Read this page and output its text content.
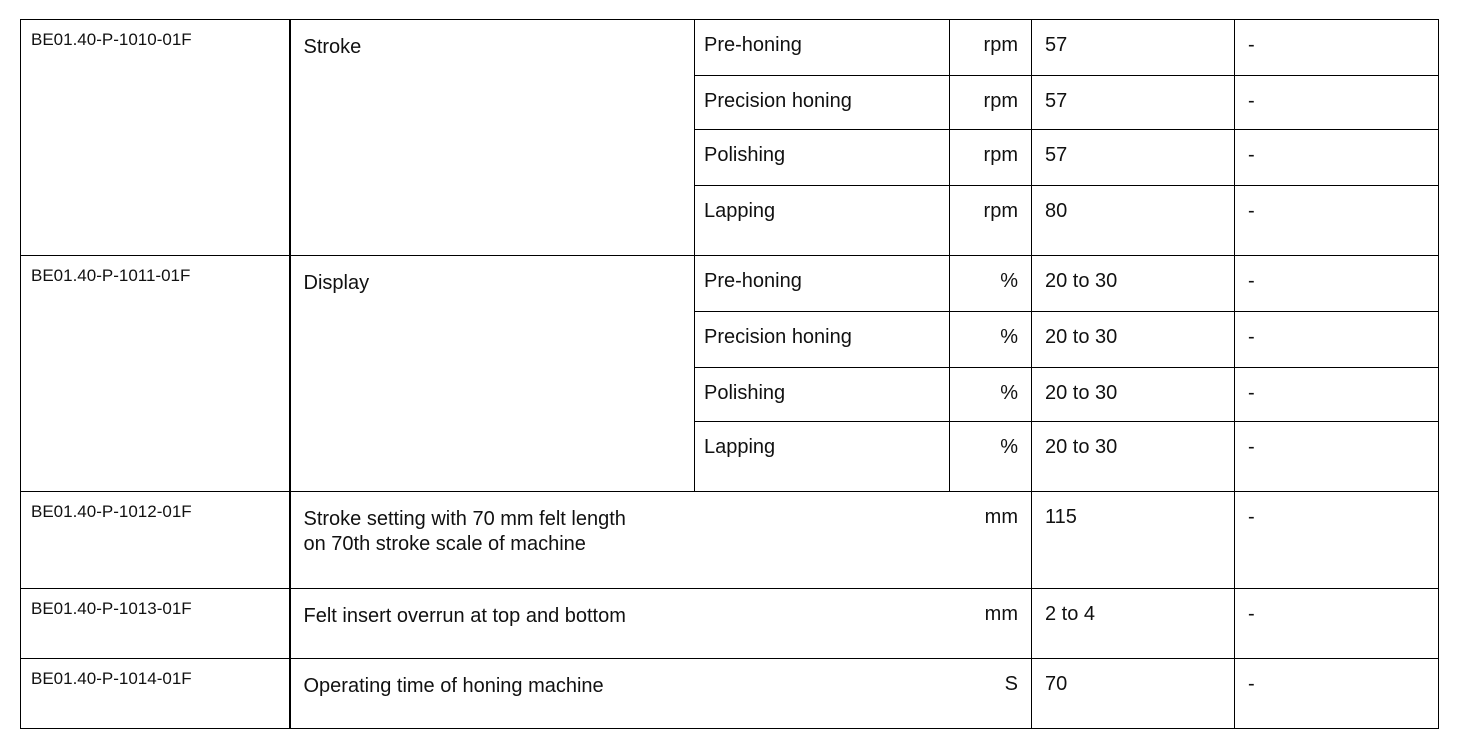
BE01.40-P-1010-01F	Stroke	Pre-honing	rpm	57	-
		Precision honing	rpm	57	-
		Polishing	rpm	57	-
		Lapping	rpm	80	-
BE01.40-P-1011-01F	Display	Pre-honing	%	20 to 30	-
		Precision honing	%	20 to 30	-
		Polishing	%	20 to 30	-
		Lapping	%	20 to 30	-
BE01.40-P-1012-01F	Stroke setting with 70 mm felt length
on 70th stroke scale of machine		mm	115	-
BE01.40-P-1013-01F	Felt insert overrun at top and bottom		mm	2 to 4	-
BE01.40-P-1014-01F	Operating time of honing machine		S	70	-
